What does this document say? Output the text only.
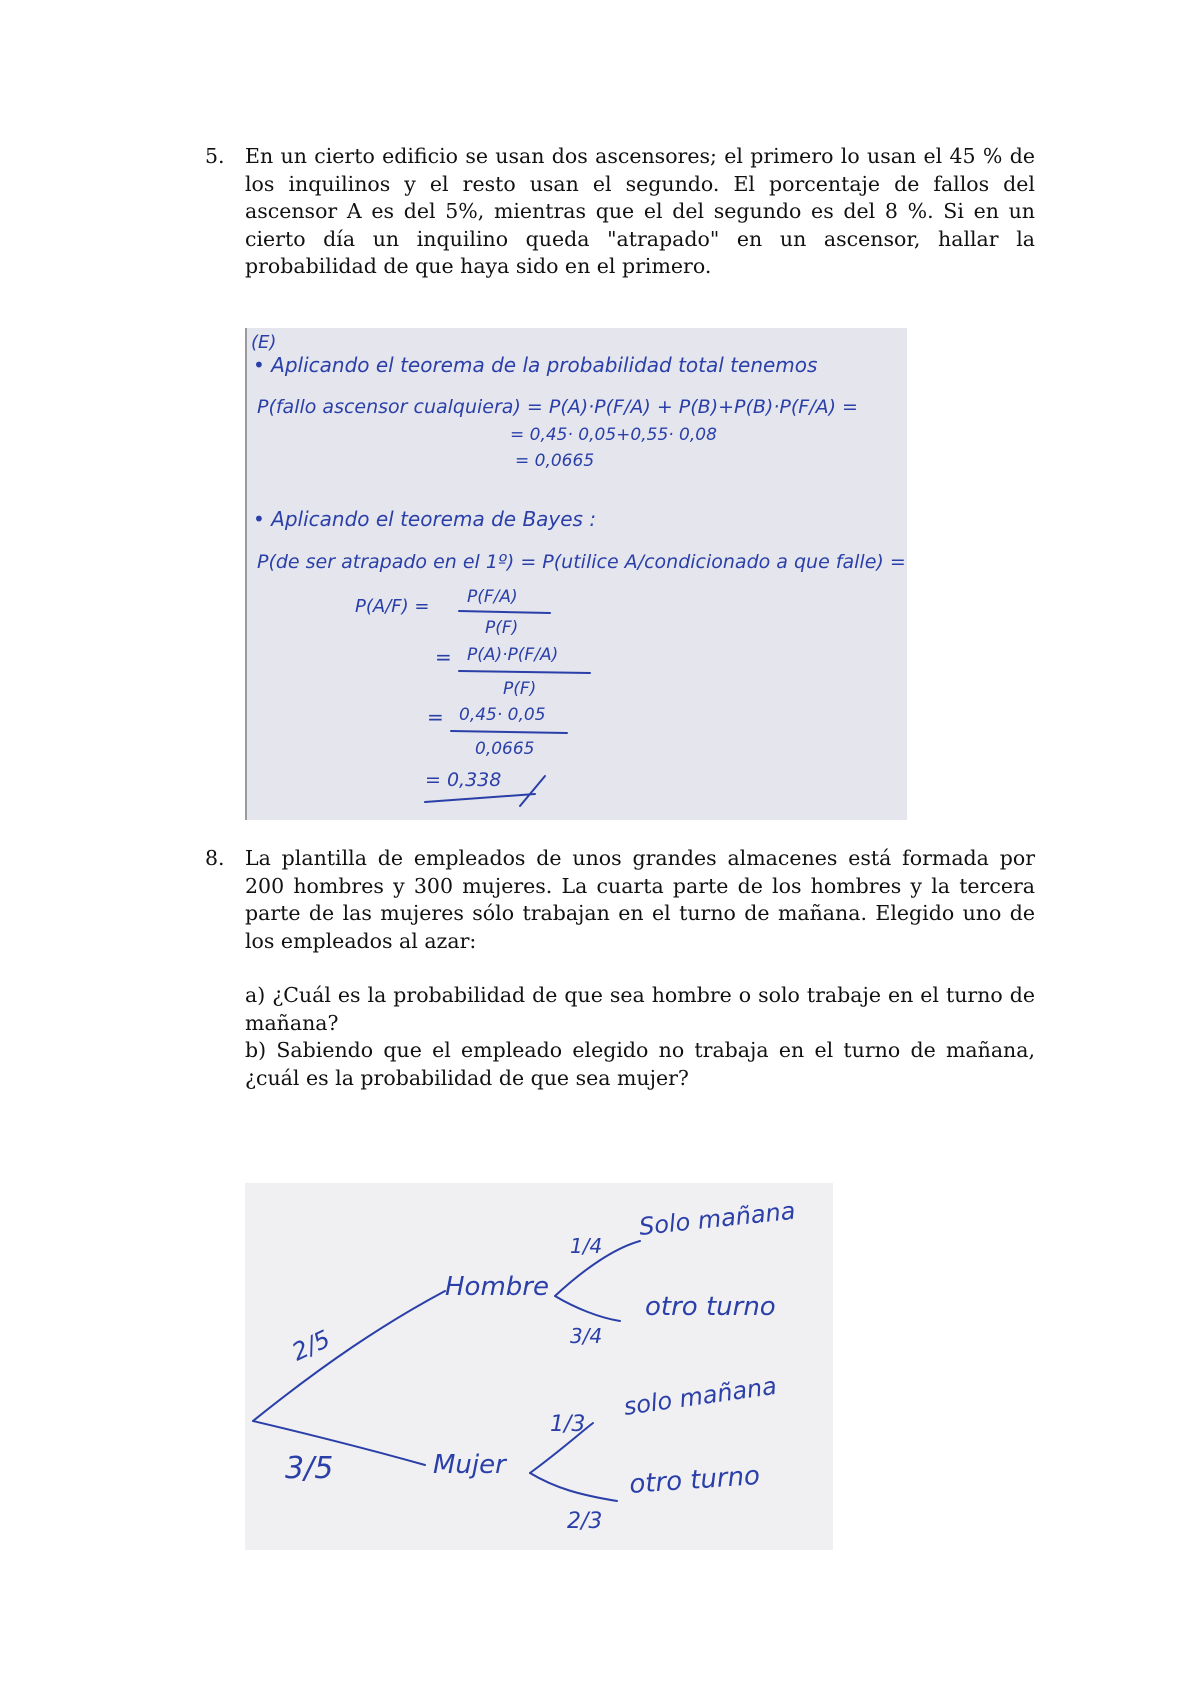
5. En un cierto edificio se usan dos ascensores; el primero lo usan el 45 % de los inquilinos y el resto usan el segundo. El porcentaje de fallos del ascensor A es del 5%, mientras que el del segundo es del 8 %. Si en un cierto día un inquilino queda "atrapado" en un ascensor, hallar la probabilidad de que haya sido en el primero.

(E)
• Aplicando el teorema de la probabilidad total tenemos
P(fallo ascensor cualquiera) = P(A)·P(F/A) + P(B)+P(B)·P(F/A) =
= 0,45· 0,05+0,55· 0,08
= 0,0665
• Aplicando el teorema de Bayes :
P(de ser atrapado en el 1º) = P(utilice A/condicionado a que falle) =
P(A/F) = P(F/A)
P(F)
= P(A)·P(F/A)
P(F)
= 0,45· 0,05
0,0665
= 0,338
8. La plantilla de empleados de unos grandes almacenes está formada por 200 hombres y 300 mujeres. La cuarta parte de los hombres y la tercera parte de las mujeres sólo trabajan en el turno de mañana. Elegido uno de los empleados al azar:

a) ¿Cuál es la probabilidad de que sea hombre o solo trabaje en el turno de mañana?

b) Sabiendo que el empleado elegido no trabaja en el turno de mañana, ¿cuál es la probabilidad de que sea mujer?

2/5
3/5
Hombre
Mujer
1/4
3/4
1/3
2/3
Solo mañana
otro turno
solo mañana
otro turno
